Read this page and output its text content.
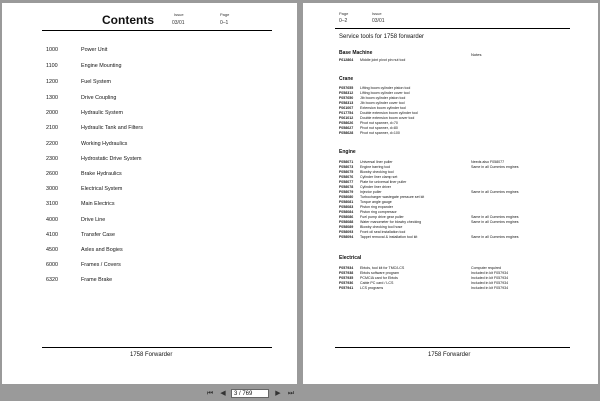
Contents	Issue
03/01
Page
0–1
1000	Power Unit
1100	Engine Mounting
1200	Fuel System
1300	Drive Coupling
2000	Hydraulic System
2100	Hydraulic Tank and Filters
2200	Working Hydraulics
2300	Hydrostatic Drive System
2600	Brake Hydraulics
3000	Electrical System
3100	Main Electrics
4000	Drive Line
4100	Transfer Case
4500	Axles and Bogies
6000	Frames / Covers
6320	Frame Brake
1758 Forwarder
Page
0–2
Issue
03/01
Service tools for 1758 forwarder
Base Machine	Notes
F612864 Middle joint pivot pin nut tool
Crane
F057655 Lifting boom cylinder piston tool
F058312 Lifting boom cylinder cover tool
F057650 Jib boom cylinder piston tool
F058313 Jib boom cylinder cover tool
F061007 Extension boom cylinder tool
F017754 Double extension boom cylinder tool
F061012 Double extension boom cover tool
F058626 Pivot nut spanner, d=70
F058627 Pivot nut spanner, d=80
F058628 Pivot nut spanner, d=100
Engine
F058071 Universal liner puller	Needs also F058077
F058073 Engine barring tool	Same in all Cummins engines
F058075 Blowby checking tool
F058076 Cylinder liner clamp set
F058077 Plate for universal liner puller
F058078 Cylinder liner driver
F058079 Injector puller	Same in all Cummins engines
F058080 Turbocharger wastegate pressure set kit
F058081 Torque angle gauge
F058083 Piston ring expander
F058084 Piston ring compressor
F058086 Fuel pump drive gear puller	Same in all Cummins engines
F058088 Water manometer for blowby checking	Same in all Cummins engines
F058089 Blowby checking tool hose
F058093 Front oil seal installation tool
F058094 Tappet removal & installation tool kit	Same in all Cummins engines
Electrical
F057934 Ebtols, tool kit for TMC/LCS	Computer required
F057938 Ebtols software program	Included in kit F057934
F057935 PCMCIA card for Ebtols	Included in kit F057934
F057936 Cable PC card / LCS	Included in kit F057934
F057941 LCS programs	Included in kit F057934
1758 Forwarder
⏮	◀	3 / 769	▶	⏭
